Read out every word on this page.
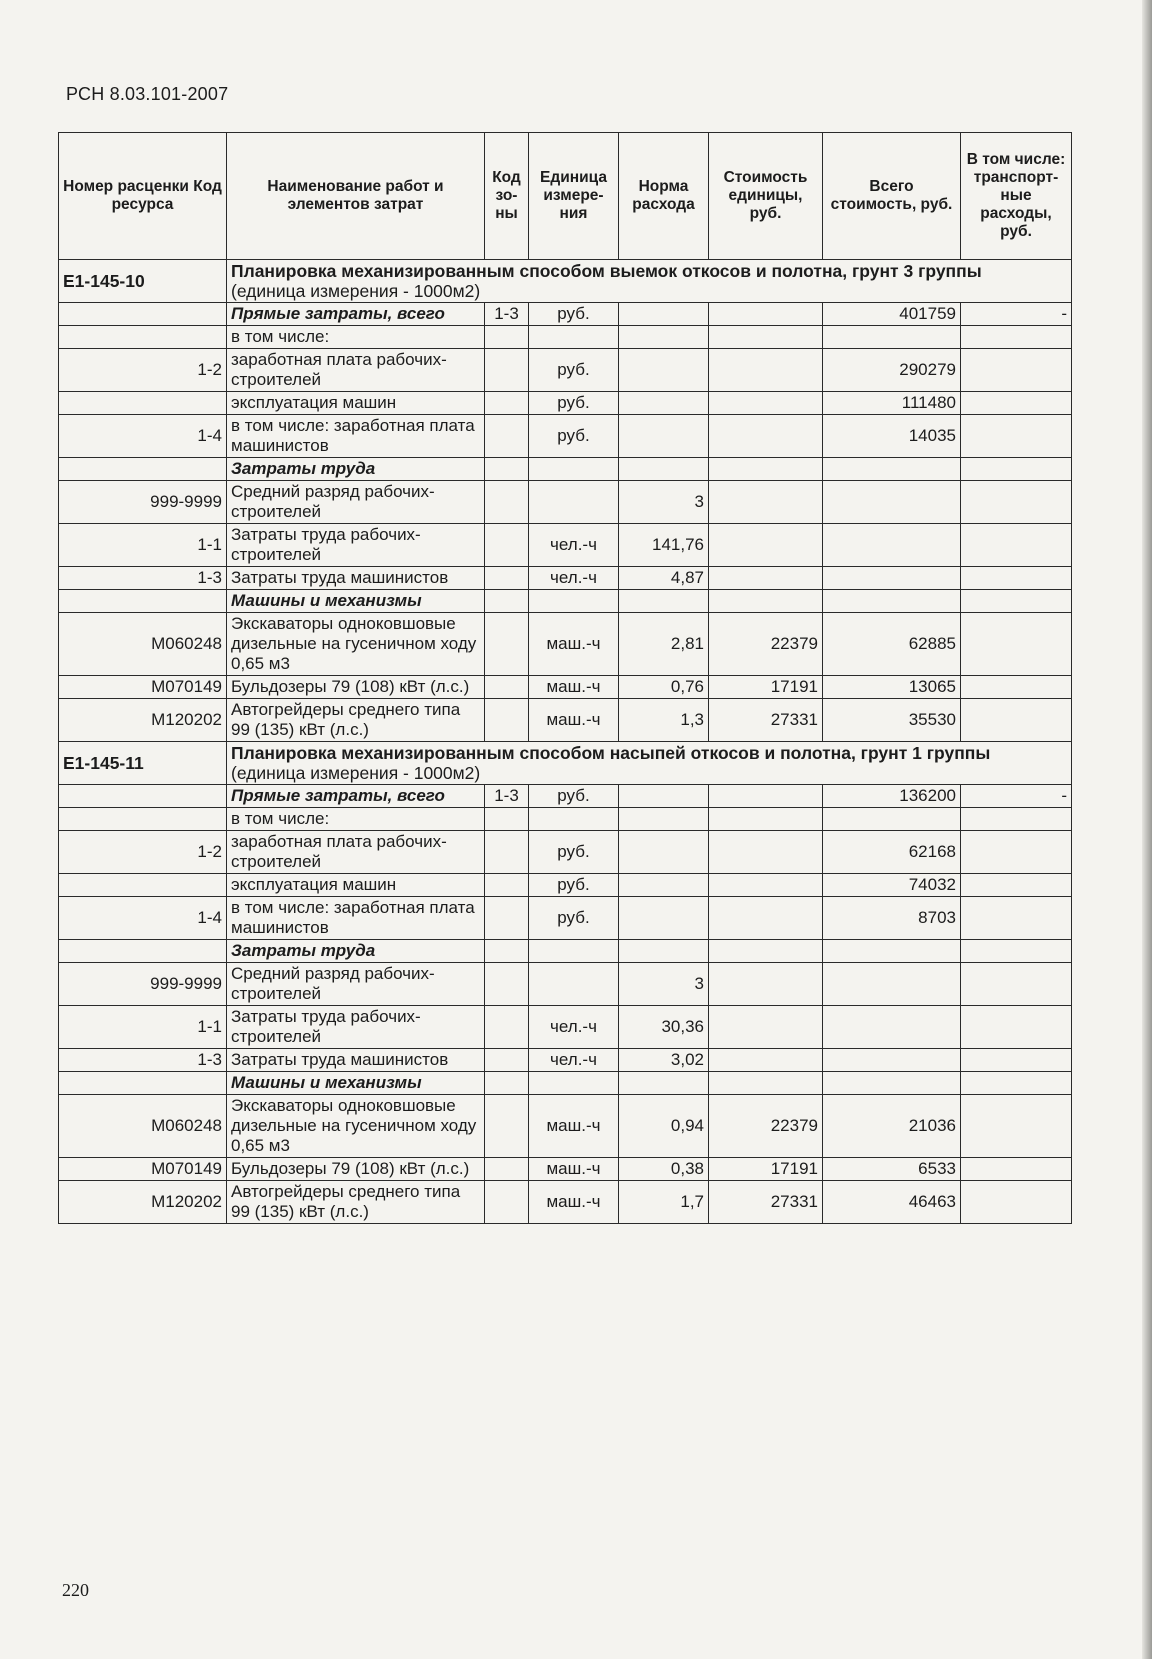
РСН 8.03.101-2007
Номер расценки Код ресурса	Наименование работ и элементов затрат	Код зо-ны	Единица измере-ния	Норма расхода	Стоимость единицы, руб.	Всего стоимость, руб.	В том числе: транспорт-ные расходы, руб.
Е1-145-10	Планировка механизированным способом выемок откосов и полотна, грунт 3 группы
(единица измерения - 1000м2)						

	Прямые затраты, всего	1-3	руб.			401759	-
	в том числе:						
1-2	заработная плата рабочих-строителей		руб.			290279	
	эксплуатация машин		руб.			111480	
1-4	в том числе: заработная плата машинистов		руб.			14035	
	Затраты труда						
999-9999	Средний разряд рабочих-строителей			3			
1-1	Затраты труда рабочих-строителей		чел.-ч	141,76			
1-3	Затраты труда машинистов		чел.-ч	4,87			
	Машины и механизмы						
М060248	Экскаваторы одноковшовые дизельные на гусеничном ходу 0,65 м3		маш.-ч	2,81	22379	62885	
М070149	Бульдозеры 79 (108) кВт (л.с.)		маш.-ч	0,76	17191	13065	
М120202	Автогрейдеры среднего типа 99 (135) кВт (л.с.)		маш.-ч	1,3	27331	35530	
Е1-145-11	Планировка механизированным способом насыпей откосов и полотна, грунт 1 группы
(единица измерения - 1000м2)						

	Прямые затраты, всего	1-3	руб.			136200	-
	в том числе:						
1-2	заработная плата рабочих-строителей		руб.			62168	
	эксплуатация машин		руб.			74032	
1-4	в том числе: заработная плата машинистов		руб.			8703	
	Затраты труда						
999-9999	Средний разряд рабочих-строителей			3			
1-1	Затраты труда рабочих-строителей		чел.-ч	30,36			
1-3	Затраты труда машинистов		чел.-ч	3,02			
	Машины и механизмы						
М060248	Экскаваторы одноковшовые дизельные на гусеничном ходу 0,65 м3		маш.-ч	0,94	22379	21036	
М070149	Бульдозеры 79 (108) кВт (л.с.)		маш.-ч	0,38	17191	6533	
М120202	Автогрейдеры среднего типа 99 (135) кВт (л.с.)		маш.-ч	1,7	27331	46463	
220
